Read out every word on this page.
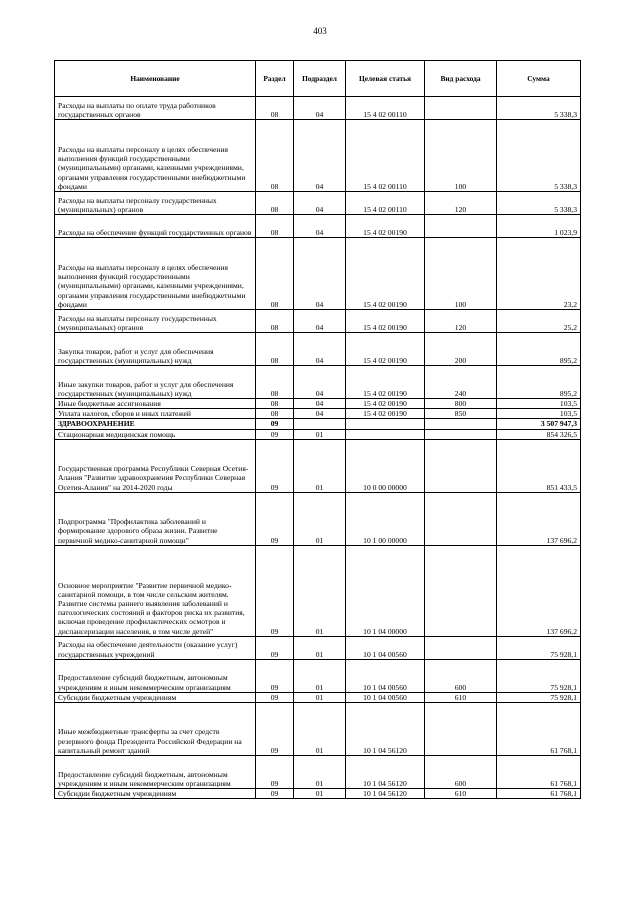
403
Наименование	Раздел	Подраздел	Целевая статья	Вид расхода	Сумма
Расходы на выплаты по оплате труда работников государственных органов	08	04	15 4 02 00110		5 338,3
Расходы на выплаты персоналу в целях обеспечения выполнения функций государственными (муниципальными) органами, казенными учреждениями, органами управления государственными внебюджетными фондами	08	04	15 4 02 00110	100	5 338,3
Расходы на выплаты персоналу государственных (муниципальных) органов	08	04	15 4 02 00110	120	5 338,3
Расходы на обеспечение функций государственных органов	08	04	15 4 02 00190		1 023,9
Расходы на выплаты персоналу в целях обеспечения выполнения функций государственными (муниципальными) органами, казенными учреждениями, органами управления государственными внебюджетными фондами	08	04	15 4 02 00190	100	23,2
Расходы на выплаты персоналу государственных (муниципальных) органов	08	04	15 4 02 00190	120	25,2
Закупка товаров, работ и услуг для обеспечения государственных (муниципальных) нужд	08	04	15 4 02 00190	200	895,2
Иные закупки товаров, работ и услуг для обеспечения государственных (муниципальных) нужд	08	04	15 4 02 00190	240	895,2
Иные бюджетные ассигнования	08	04	15 4 02 00190	800	103,5
Уплата налогов, сборов и иных платежей	08	04	15 4 02 00190	850	103,5
ЗДРАВООХРАНЕНИЕ	09				3 507 947,3
Стационарная медицинская помощь	09	01			854 326,5
Государственная программа Республики Северная Осетия-Алания "Развитие здравоохранения Республики Северная Осетия-Алания" на 2014-2020 годы	09	01	10 0 00 00000		851 433,5
Подпрограмма "Профилактика заболеваний и формирование здорового образа жизни. Развитие первичной медико-санитарной помощи"	09	01	10 1 00 00000		137 696,2
Основное мероприятие "Развитие первичной медико-санитарной помощи, в том числе сельским жителям. Развитие системы раннего выявления заболеваний и патологических состояний и факторов риска их развития, включая проведение профилактических осмотров и диспансеризации населения, в том числе детей"	09	01	10 1 04 00000		137 696,2
Расходы на обеспечение деятельности (оказание услуг) государственных учреждений	09	01	10 1 04 00560		75 928,1
Предоставление субсидий бюджетным, автономным учреждениям и иным некоммерческим организациям	09	01	10 1 04 00560	600	75 928,1
Субсидии бюджетным учреждениям	09	01	10 1 04 00560	610	75 928,1
Иные межбюджетные трансферты за счет средств резервного фонда Президента Российской Федерации на капитальный ремонт зданий	09	01	10 1 04 56120		61 768,1
Предоставление субсидий бюджетным, автономным учреждениям и иным некоммерческим организациям	09	01	10 1 04 56120	600	61 768,1
Субсидии бюджетным учреждениям	09	01	10 1 04 56120	610	61 768,1
